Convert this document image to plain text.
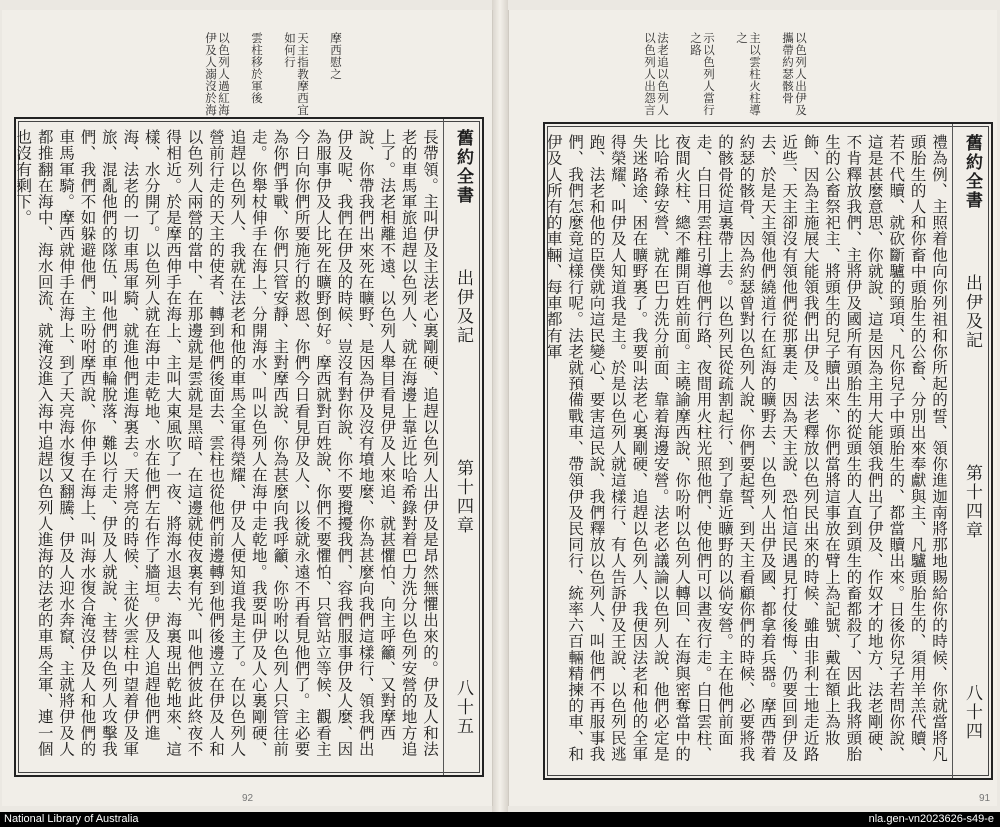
摩西慰之
天主指教摩西宜如何行
雲柱移於軍後
以色列人過紅海伊及人溺沒於海
舊約全書
出伊及記
第十四章
八十五

長帶領。主叫伊及主法老心裏剛硬、追趕以色列人出伊及是昂然無懼出來的。伊及人和法老的車馬軍旅追趕以色列人、就在海邊上靠近比哈希錄對着巴力洗分以色列安營的地方追上了。法老相離不遠、以色列人舉目看見伊及人來追、就甚懼怕、向主呼籲、又對摩西說、你帶我們出來死在曠野、是因為伊及沒有墳地麼、你為甚麼向我們這樣行、領我們出伊及呢、我們在伊及的時候、豈沒有對你說、你不要攪擾我們、容我們服事伊及人麼、因為服事伊及人比死在曠野倒好。摩西就對百姓說、你們不要懼怕、只管站立等候、觀看主今日向你們所要施行的救恩、你們今日看見伊及人、以後就永遠不再看見他們了。主必要為你們爭戰、你們只管安靜、主對摩西說、你為甚麼向我呼籲、你吩咐以色列人只管往前走。你舉杖伸手在海上、分開海水、叫以色列人在海中走乾地。我要叫伊及人心裏剛硬、追趕以色列人、我就在法老和他的車馬全軍得榮耀、伊及人便知道我是主了。在以色列人營前行走的天主的使者、轉到他們後面去、雲柱也從他們前邊轉到他們後邊立在伊及人和以色列人兩營的當中、在那邊就是雲就是黑暗、在這邊就使夜裏有光、叫他們彼此終夜不得相近。於是摩西伸手在海上、主叫大東風吹了一夜、將海水退去、海裏現出乾地來、這樣、水分開了。以色列人就在海中走乾地、水在他們左右作了牆垣。伊及人追趕他們進海、法老的一切車馬軍騎、就進他們進海裏去。天將亮的時候、主從火雲柱中望着伊及軍旅、混亂他們的隊伍、叫他們的車輪脫落、難以行走、伊及人就說、主替以色列人攻擊我們、我們不如躲避他們、主吩咐摩西說、你伸手在海上、叫海水復合淹沒伊及人和他們的車馬軍騎。摩西就伸手在海上、到了天亮海水復又翻騰、伊及人迎水奔竄、主就將伊及人都推翻在海中、海水回流、就淹沒進入海中追趕以色列人進海的法老的車馬全軍、連一個也沒有剩下。

92
以色列人出伊及攜帶約瑟骸骨
主以雲柱火柱導之
示以色列人當行之路
法老追以色列人以色列人出怨言
舊約全書
出伊及記
第十四章
八十四

禮為例、主照着他向你列祖和你所起的誓、領你進迦南將那地賜給你的時候、你就當將凡頭胎生的人和你畜中頭胎生的公畜、分別出來奉獻與主、凡驢頭胎生的、須用羊羔代贖、若不代贖、就砍斷驢的頸項、凡你兒子中頭胎生的、都當贖出來。日後你兒子若問你說、這是甚麼意思、你就說、這是因為主用大能領我們出了伊及、作奴才的地方、法老剛硬、不肯釋放我們、主將伊及國所有頭胎生的從頭生的人直到頭生的畜都殺了、因此我將頭胎生的公畜祭祀主、將頭生的兒子贖出來、你們當將這事放在臂上為記號、戴在額上為妝飾、因為主施展大能領我們出伊及。法老釋放以色列民出來的時候、雖由非利士地走近路近些、天主卻沒有領他們從那裏走、因為天主說、恐怕這民遇見打仗後悔、仍要回到伊及去、於是天主領他們繞道行在紅海的曠野去、以色列人出伊及國、都拿着兵器。摩西帶着約瑟的骸骨、因為約瑟曾對以色列人說、你們要起誓、到天主看顧你們的時候、必要將我的骸骨從這裏帶上去。以色列民從疏割起行、到了靠近曠野的以倘安營。主在他們前面走、白日用雲柱引導他們行路、夜間用火柱光照他們、使他們可以晝夜行走。白日雲柱、夜間火柱、總不離開百姓前面。主曉諭摩西說、你吩咐以色列人轉回、在海與密奪當中的比哈希錄安營、就在巴力洗分前面、靠着海邊安營。法老必議論以色列人說、他們必定是失迷路途、困在曠野裏了。我要叫法老心裏剛硬、追趕以色列人、我便因法老和他的全軍得榮耀、叫伊及人知道我是主。於是以色列人就這樣行、有人告訴伊及王說、以色列民逃跑、法老和他的臣僕就向這民變心、要害這民說、我們釋放以色列人、叫他們不再服事我們、我們怎麼竟這樣行呢。法老就預備戰車、帶領伊及民同行、統率六百輛精揀的車、和伊及人所有的車輛、每車都有軍

91
National Library of Australia	nla.gen-vn2023626-s49-e
